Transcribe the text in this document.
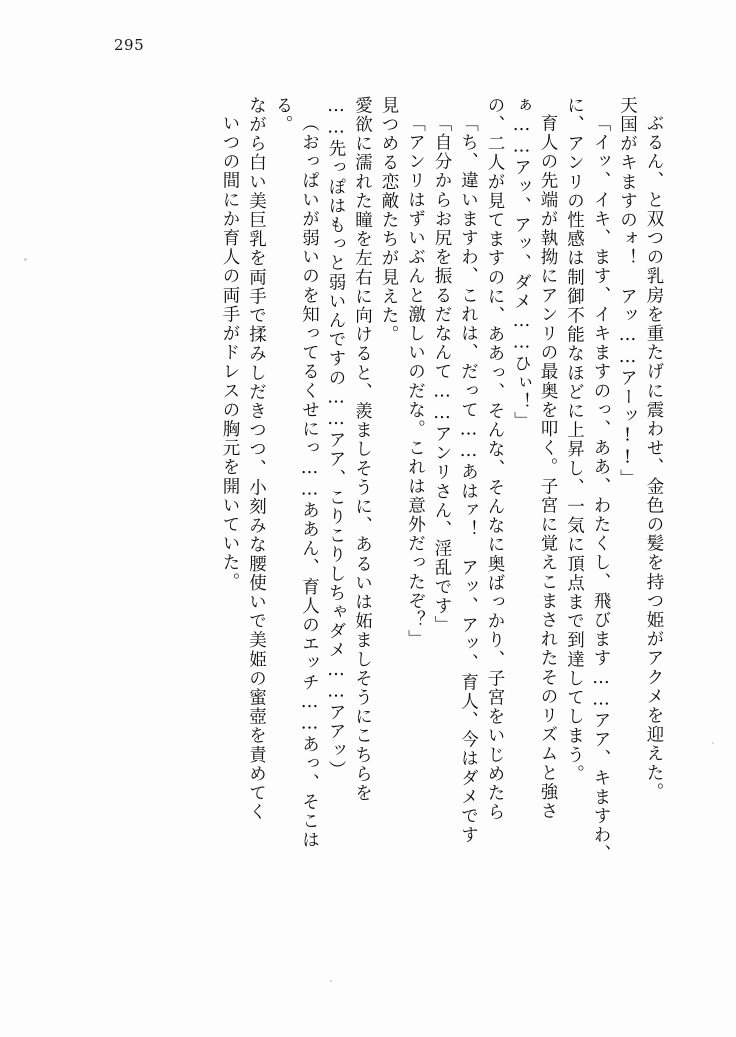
295
いつの間にか育人の両手がドレスの胸元を開いていた。 ながら白い美巨乳を両手で揉みしだきつつ、小刻みな腰使いで美姫の蜜壺を責めてく る。 （おっぱいが弱いのを知ってるくせにっ……ああん、育人のエッチ……あっ、そこは ……先っぽはもっと弱いんですの……アア、こりこりしちゃダメ……アアッ） 愛欲に濡れた瞳を左右に向けると、羨ましそうに、あるいは妬ましそうにこちらを 見つめる恋敵たちが見えた。 「アンリはずいぶんと激しいのだな。これは意外だったぞ？」 「自分からお尻を振るだなんて……アンリさん、淫乱です」 「ち、違いますわ、これは、だって……あはァ！　アッ、アッ、育人、今はダメです の、二人が見てますのに、ああっ、そんな、そんなに奥ばっかり、子宮をいじめたら ぁ……アッ、アッ、ダメ……ひぃ！」 育人の先端が執拗にアンリの最奥を叩く。子宮に覚えこまされたそのリズムと強さ に、アンリの性感は制御不能なほどに上昇し、一気に頂点まで到達してしまう。 「イッ、イキ、ます、イキますのっ、ああ、わたくし、飛びます……アア、キますわ、 天国がキますのォ！　アッ……アーッ!!」 ぶるん、と双つの乳房を重たげに震わせ、金色の髪を持つ姫がアクメを迎えた。
